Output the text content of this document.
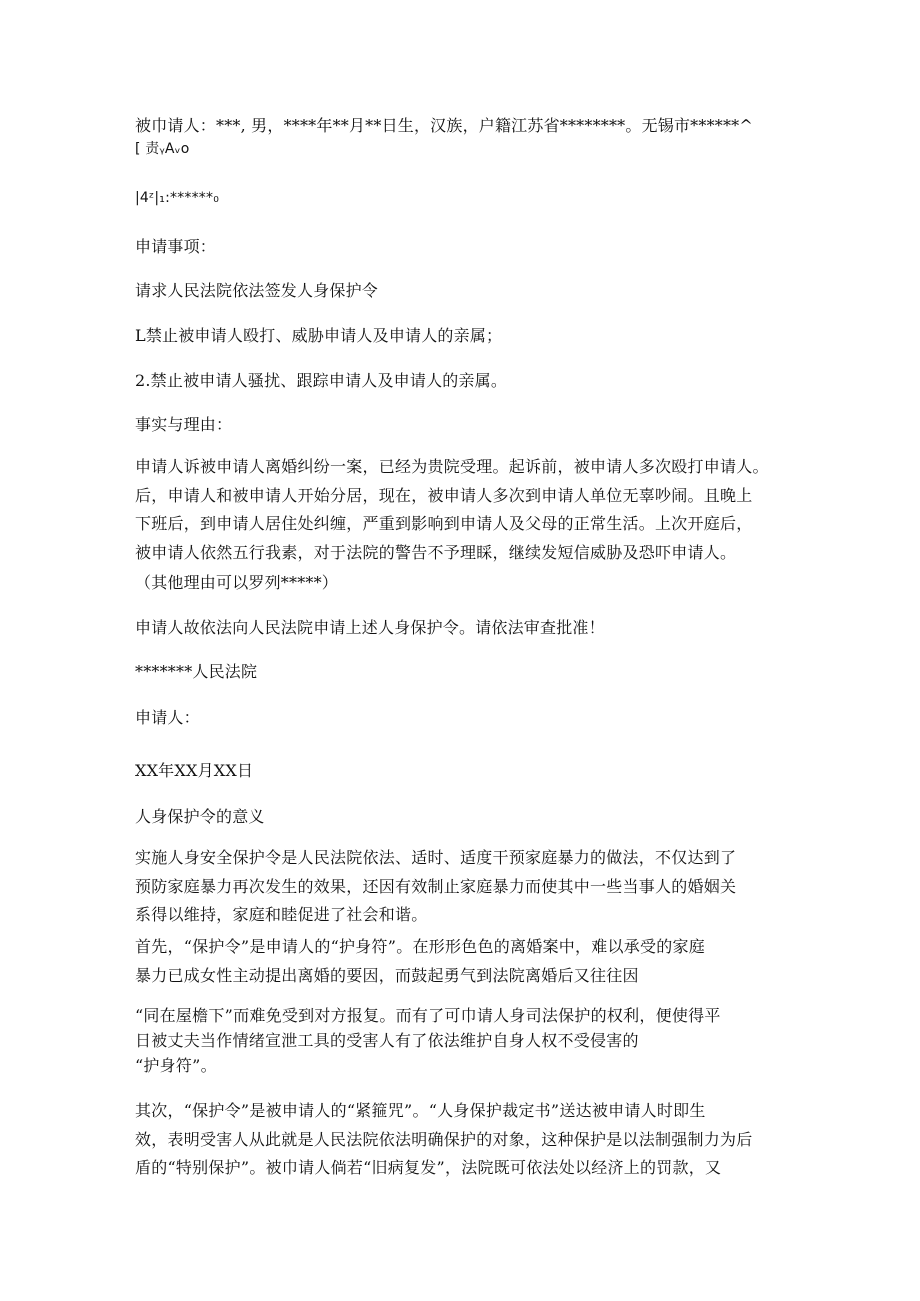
被巾请人：***, 男，****年**月**日生，汉族，户籍江苏省********。无锡市******^
[ 责ᵧAᵥo
|4ᶻ|₁:******₀
申请事项：
请求人民法院依法签发人身保护令
L禁止被申请人殴打、威胁申请人及申请人的亲属；
2.禁止被申请人骚扰、跟踪申请人及申请人的亲属。
事实与理由：
申请人诉被申请人离婚纠纷一案，已经为贵院受理。起诉前，被申请人多次殴打申请人。
后，申请人和被申请人开始分居，现在，被申请人多次到申请人单位无辜吵闹。且晚上
下班后，到申请人居住处纠缠，严重到影响到申请人及父母的正常生活。上次开庭后，
被申请人依然五行我素，对于法院的警告不予理睬，继续发短信威胁及恐吓申请人。
（其他理由可以罗列*****）
申请人故依法向人民法院申请上述人身保护令。请依法审查批准！
*******人民法院
申请人：
XX年XX月XX日
人身保护令的意义
实施人身安全保护令是人民法院依法、适时、适度干预家庭暴力的做法，不仅达到了
预防家庭暴力再次发生的效果，还因有效制止家庭暴力而使其中一些当事人的婚姻关
系得以维持，家庭和睦促进了社会和谐。
首先，“保护令”是申请人的“护身符”。在形形色色的离婚案中，难以承受的家庭
暴力已成女性主动提出离婚的要因，而鼓起勇气到法院离婚后又往往因
“同在屋檐下”而难免受到对方报复。而有了可巾请人身司法保护的权利，便使得平
日被丈夫当作情绪宣泄工具的受害人有了依法维护自身人权不受侵害的
“护身符”。
其次，“保护令”是被申请人的“紧箍咒”。“人身保护裁定书”送达被申请人时即生
效，表明受害人从此就是人民法院依法明确保护的对象，这种保护是以法制强制力为后
盾的“特别保护”。被巾请人倘若“旧病复发”，法院既可依法处以经济上的罚款，又
